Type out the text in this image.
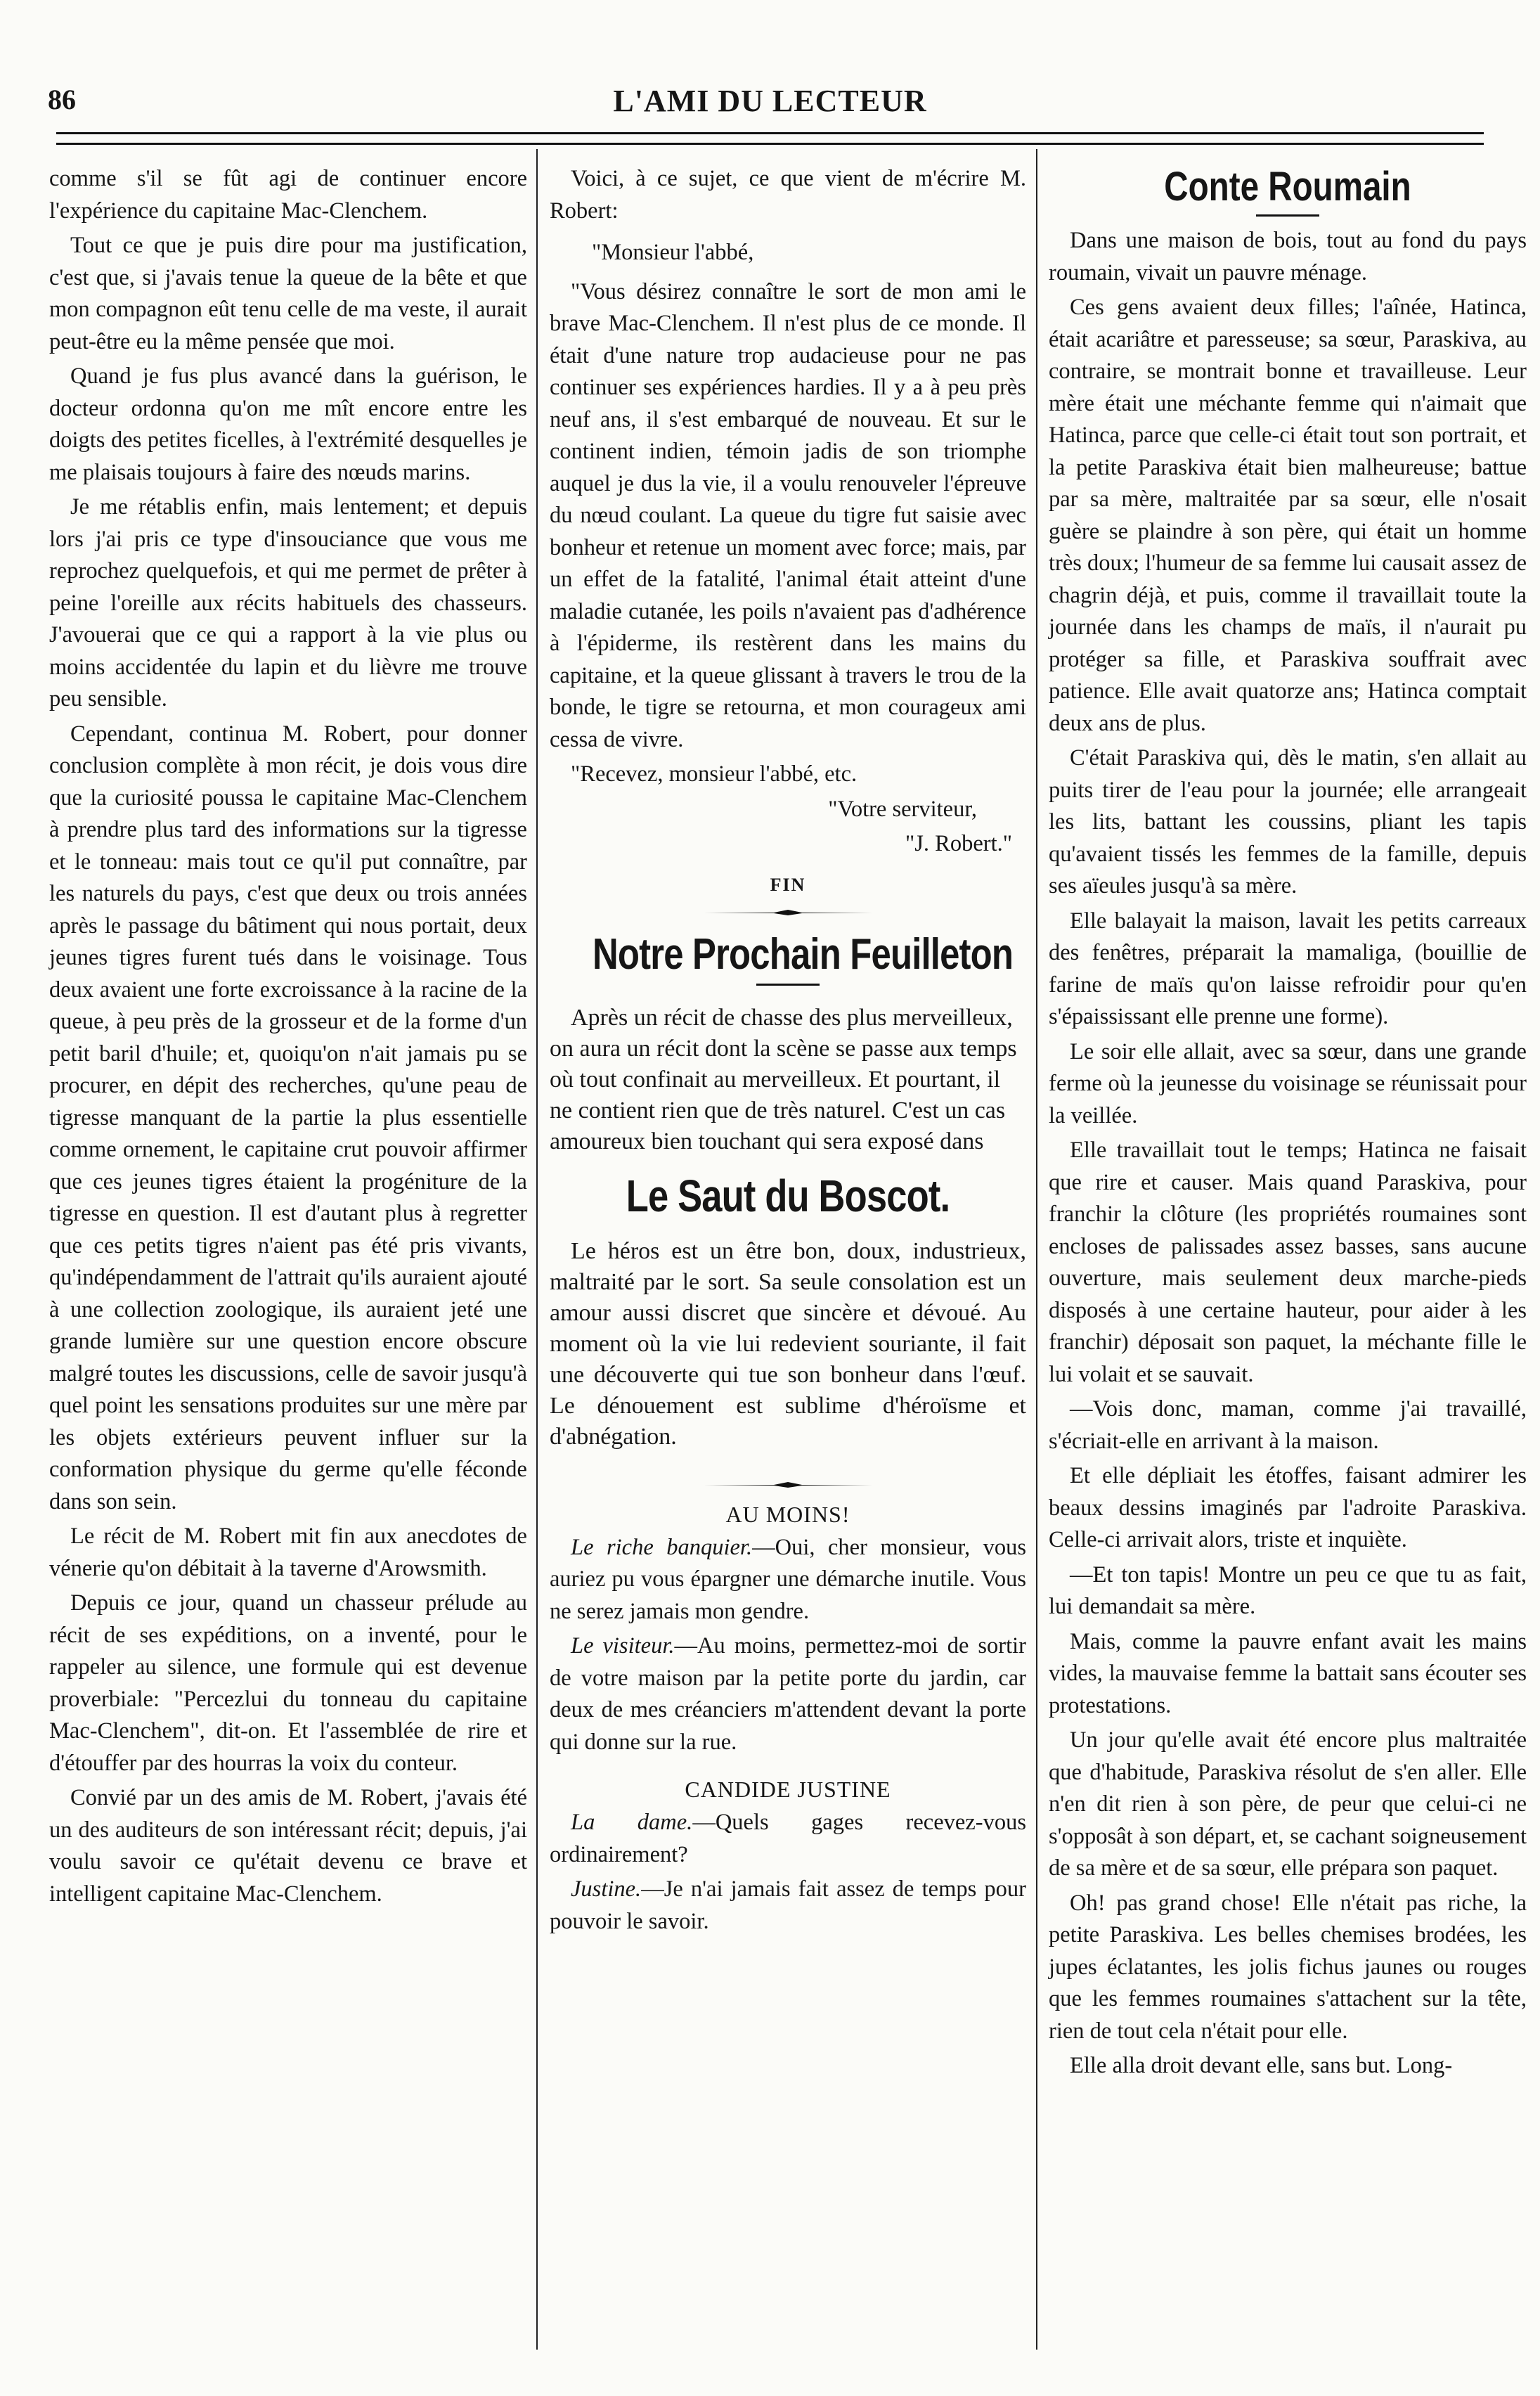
86	L'AMI DU LECTEUR

comme s'il se fût agi de continuer encore l'expérience du capitaine Mac-Clenchem.

Tout ce que je puis dire pour ma justification, c'est que, si j'avais tenue la queue de la bête et que mon compagnon eût tenu celle de ma veste, il aurait peut-être eu la même pensée que moi.

Quand je fus plus avancé dans la guérison, le docteur ordonna qu'on me mît encore entre les doigts des petites ficelles, à l'extrémité desquelles je me plaisais toujours à faire des nœuds marins.

Je me rétablis enfin, mais lentement; et depuis lors j'ai pris ce type d'insouciance que vous me reprochez quelquefois, et qui me permet de prêter à peine l'oreille aux récits habituels des chasseurs. J'avouerai que ce qui a rapport à la vie plus ou moins accidentée du lapin et du lièvre me trouve peu sensible.

Cependant, continua M. Robert, pour donner conclusion complète à mon récit, je dois vous dire que la curiosité poussa le capitaine Mac-Clenchem à prendre plus tard des informations sur la tigresse et le tonneau: mais tout ce qu'il put connaître, par les naturels du pays, c'est que deux ou trois années après le passage du bâtiment qui nous portait, deux jeunes tigres furent tués dans le voisinage. Tous deux avaient une forte excroissance à la racine de la queue, à peu près de la grosseur et de la forme d'un petit baril d'huile; et, quoiqu'on n'ait jamais pu se procurer, en dépit des recherches, qu'une peau de tigresse manquant de la partie la plus essentielle comme ornement, le capitaine crut pouvoir affirmer que ces jeunes tigres étaient la progéniture de la tigresse en question. Il est d'autant plus à regretter que ces petits tigres n'aient pas été pris vivants, qu'indépendamment de l'attrait qu'ils auraient ajouté à une collection zoologique, ils auraient jeté une grande lumière sur une question encore obscure malgré toutes les discussions, celle de savoir jusqu'à quel point les sensations produites sur une mère par les objets extérieurs peuvent influer sur la conformation physique du germe qu'elle féconde dans son sein.

Le récit de M. Robert mit fin aux anecdotes de vénerie qu'on débitait à la taverne d'Arowsmith.

Depuis ce jour, quand un chasseur prélude au récit de ses expéditions, on a inventé, pour le rappeler au silence, une formule qui est devenue proverbiale: "Percezlui du tonneau du capitaine Mac-Clenchem", dit-on. Et l'assemblée de rire et d'étouffer par des hourras la voix du conteur.

Convié par un des amis de M. Robert, j'avais été un des auditeurs de son intéressant récit; depuis, j'ai voulu savoir ce qu'était devenu ce brave et intelligent capitaine Mac-Clenchem.

Voici, à ce sujet, ce que vient de m'écrire M. Robert:

"Monsieur l'abbé,

"Vous désirez connaître le sort de mon ami le brave Mac-Clenchem. Il n'est plus de ce monde. Il était d'une nature trop audacieuse pour ne pas continuer ses expériences hardies. Il y a à peu près neuf ans, il s'est embarqué de nouveau. Et sur le continent indien, témoin jadis de son triomphe auquel je dus la vie, il a voulu renouveler l'épreuve du nœud coulant. La queue du tigre fut saisie avec bonheur et retenue un moment avec force; mais, par un effet de la fatalité, l'animal était atteint d'une maladie cutanée, les poils n'avaient pas d'adhérence à l'épiderme, ils restèrent dans les mains du capitaine, et la queue glissant à travers le trou de la bonde, le tigre se retourna, et mon courageux ami cessa de vivre.

"Recevez, monsieur l'abbé, etc.

"Votre serviteur,

"J. Robert."

FIN
Notre Prochain Feuilleton

Après un récit de chasse des plus merveilleux, on aura un récit dont la scène se passe aux temps où tout confinait au merveilleux. Et pourtant, il ne contient rien que de très naturel. C'est un cas amoureux bien touchant qui sera exposé dans

Le Saut du Boscot.

Le héros est un être bon, doux, industrieux, maltraité par le sort. Sa seule consolation est un amour aussi discret que sincère et dévoué. Au moment où la vie lui redevient souriante, il fait une découverte qui tue son bonheur dans l'œuf. Le dénouement est sublime d'héroïsme et d'abnégation.

AU MOINS!

Le riche banquier.—Oui, cher monsieur, vous auriez pu vous épargner une démarche inutile. Vous ne serez jamais mon gendre.

Le visiteur.—Au moins, permettez-moi de sortir de votre maison par la petite porte du jardin, car deux de mes créanciers m'attendent devant la porte qui donne sur la rue.

CANDIDE JUSTINE

La dame.—Quels gages recevez-vous ordinairement?

Justine.—Je n'ai jamais fait assez de temps pour pouvoir le savoir.

Conte Roumain

Dans une maison de bois, tout au fond du pays roumain, vivait un pauvre ménage.

Ces gens avaient deux filles; l'aînée, Hatinca, était acariâtre et paresseuse; sa sœur, Paraskiva, au contraire, se montrait bonne et travailleuse. Leur mère était une méchante femme qui n'aimait que Hatinca, parce que celle-ci était tout son portrait, et la petite Paraskiva était bien malheureuse; battue par sa mère, maltraitée par sa sœur, elle n'osait guère se plaindre à son père, qui était un homme très doux; l'humeur de sa femme lui causait assez de chagrin déjà, et puis, comme il travaillait toute la journée dans les champs de maïs, il n'aurait pu protéger sa fille, et Paraskiva souffrait avec patience. Elle avait quatorze ans; Hatinca comptait deux ans de plus.

C'était Paraskiva qui, dès le matin, s'en allait au puits tirer de l'eau pour la journée; elle arrangeait les lits, battant les coussins, pliant les tapis qu'avaient tissés les femmes de la famille, depuis ses aïeules jusqu'à sa mère.

Elle balayait la maison, lavait les petits carreaux des fenêtres, préparait la mamaliga, (bouillie de farine de maïs qu'on laisse refroidir pour qu'en s'épaississant elle prenne une forme).

Le soir elle allait, avec sa sœur, dans une grande ferme où la jeunesse du voisinage se réunissait pour la veillée.

Elle travaillait tout le temps; Hatinca ne faisait que rire et causer. Mais quand Paraskiva, pour franchir la clôture (les propriétés roumaines sont encloses de palissades assez basses, sans aucune ouverture, mais seulement deux marche-pieds disposés à une certaine hauteur, pour aider à les franchir) déposait son paquet, la méchante fille le lui volait et se sauvait.

—Vois donc, maman, comme j'ai travaillé, s'écriait-elle en arrivant à la maison.

Et elle dépliait les étoffes, faisant admirer les beaux dessins imaginés par l'adroite Paraskiva. Celle-ci arrivait alors, triste et inquiète.

—Et ton tapis! Montre un peu ce que tu as fait, lui demandait sa mère.

Mais, comme la pauvre enfant avait les mains vides, la mauvaise femme la battait sans écouter ses protestations.

Un jour qu'elle avait été encore plus maltraitée que d'habitude, Paraskiva résolut de s'en aller. Elle n'en dit rien à son père, de peur que celui-ci ne s'opposât à son départ, et, se cachant soigneusement de sa mère et de sa sœur, elle prépara son paquet.

Oh! pas grand chose! Elle n'était pas riche, la petite Paraskiva. Les belles chemises brodées, les jupes éclatantes, les jolis fichus jaunes ou rouges que les femmes roumaines s'attachent sur la tête, rien de tout cela n'était pour elle.

Elle alla droit devant elle, sans but. Long-
